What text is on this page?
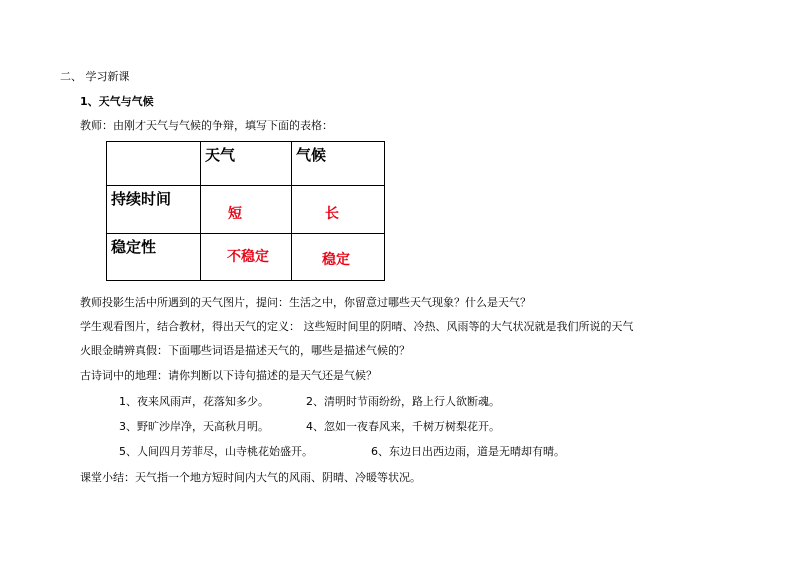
二、 学习新课
1、天气与气候
教师：由刚才天气与气候的争辩，填写下面的表格：

	天气	气候

持续时间	短	长

稳定性	不稳定	稳定
教师投影生活中所遇到的天气图片，提问：生活之中，你留意过哪些天气现象？什么是天气？
学生观看图片，结合教材，得出天气的定义： 这些短时间里的阴晴、冷热、风雨等的大气状况就是我们所说的天气
火眼金睛辨真假：下面哪些词语是描述天气的，哪些是描述气候的？
古诗词中的地理：请你判断以下诗句描述的是天气还是气候？
1、夜来风雨声，花落知多少。	2、清明时节雨纷纷，路上行人欲断魂。
3、野旷沙岸净，天高秋月明。	4、忽如一夜春风来，千树万树梨花开。
5、人间四月芳菲尽，山寺桃花始盛开。	6、东边日出西边雨，道是无晴却有晴。
课堂小结：天气指一个地方短时间内大气的风雨、阴晴、冷暖等状况。
